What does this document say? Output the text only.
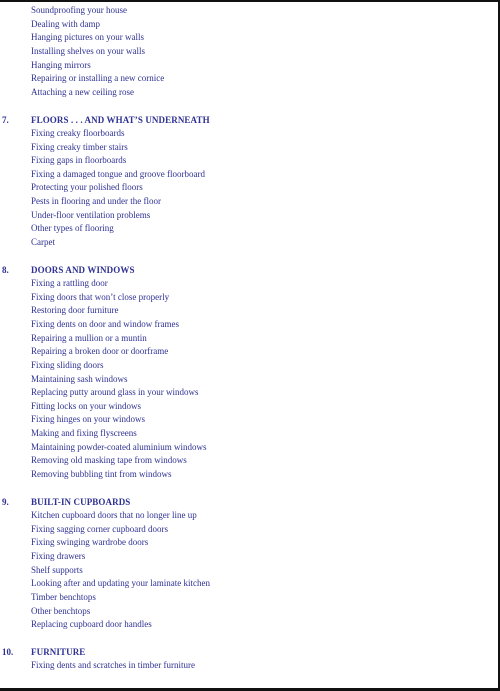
Soundproofing your house
Dealing with damp
Hanging pictures on your walls
Installing shelves on your walls
Hanging mirrors
Repairing or installing a new cornice
Attaching a new ceiling rose
7. FLOORS . . . AND WHAT’S UNDERNEATH
Fixing creaky floorboards
Fixing creaky timber stairs
Fixing gaps in floorboards
Fixing a damaged tongue and groove floorboard
Protecting your polished floors
Pests in flooring and under the floor
Under-floor ventilation problems
Other types of flooring
Carpet
8. DOORS AND WINDOWS
Fixing a rattling door
Fixing doors that won’t close properly
Restoring door furniture
Fixing dents on door and window frames
Repairing a mullion or a muntin
Repairing a broken door or doorframe
Fixing sliding doors
Maintaining sash windows
Replacing putty around glass in your windows
Fitting locks on your windows
Fixing hinges on your windows
Making and fixing flyscreens
Maintaining powder-coated aluminium windows
Removing old masking tape from windows
Removing bubbling tint from windows
9. BUILT-IN CUPBOARDS
Kitchen cupboard doors that no longer line up
Fixing sagging corner cupboard doors
Fixing swinging wardrobe doors
Fixing drawers
Shelf supports
Looking after and updating your laminate kitchen
Timber benchtops
Other benchtops
Replacing cupboard door handles
10. FURNITURE
Fixing dents and scratches in timber furniture
